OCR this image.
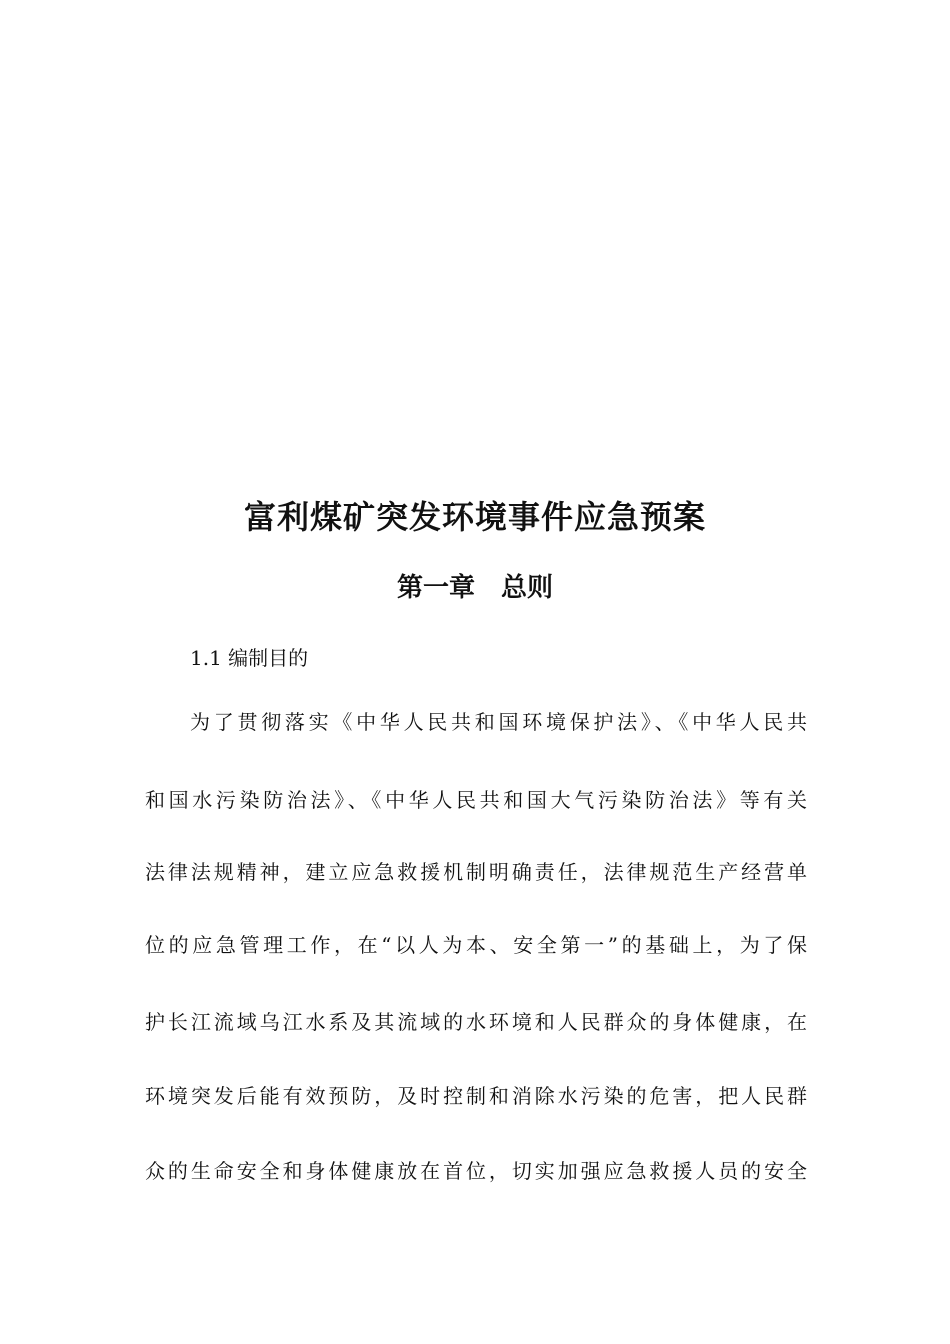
富利煤矿突发环境事件应急预案
第一章　总则
1.1 编制目的
为了贯彻落实《中华人民共和国环境保护法》、《中华人民共
和国水污染防治法》、《中华人民共和国大气污染防治法》等有关
法律法规精神，建立应急救援机制明确责任，法律规范生产经营单
位的应急管理工作，在“以人为本、安全第一”的基础上，为了保
护长江流域乌江水系及其流域的水环境和人民群众的身体健康，在
环境突发后能有效预防，及时控制和消除水污染的危害，把人民群
众的生命安全和身体健康放在首位，切实加强应急救援人员的安全
